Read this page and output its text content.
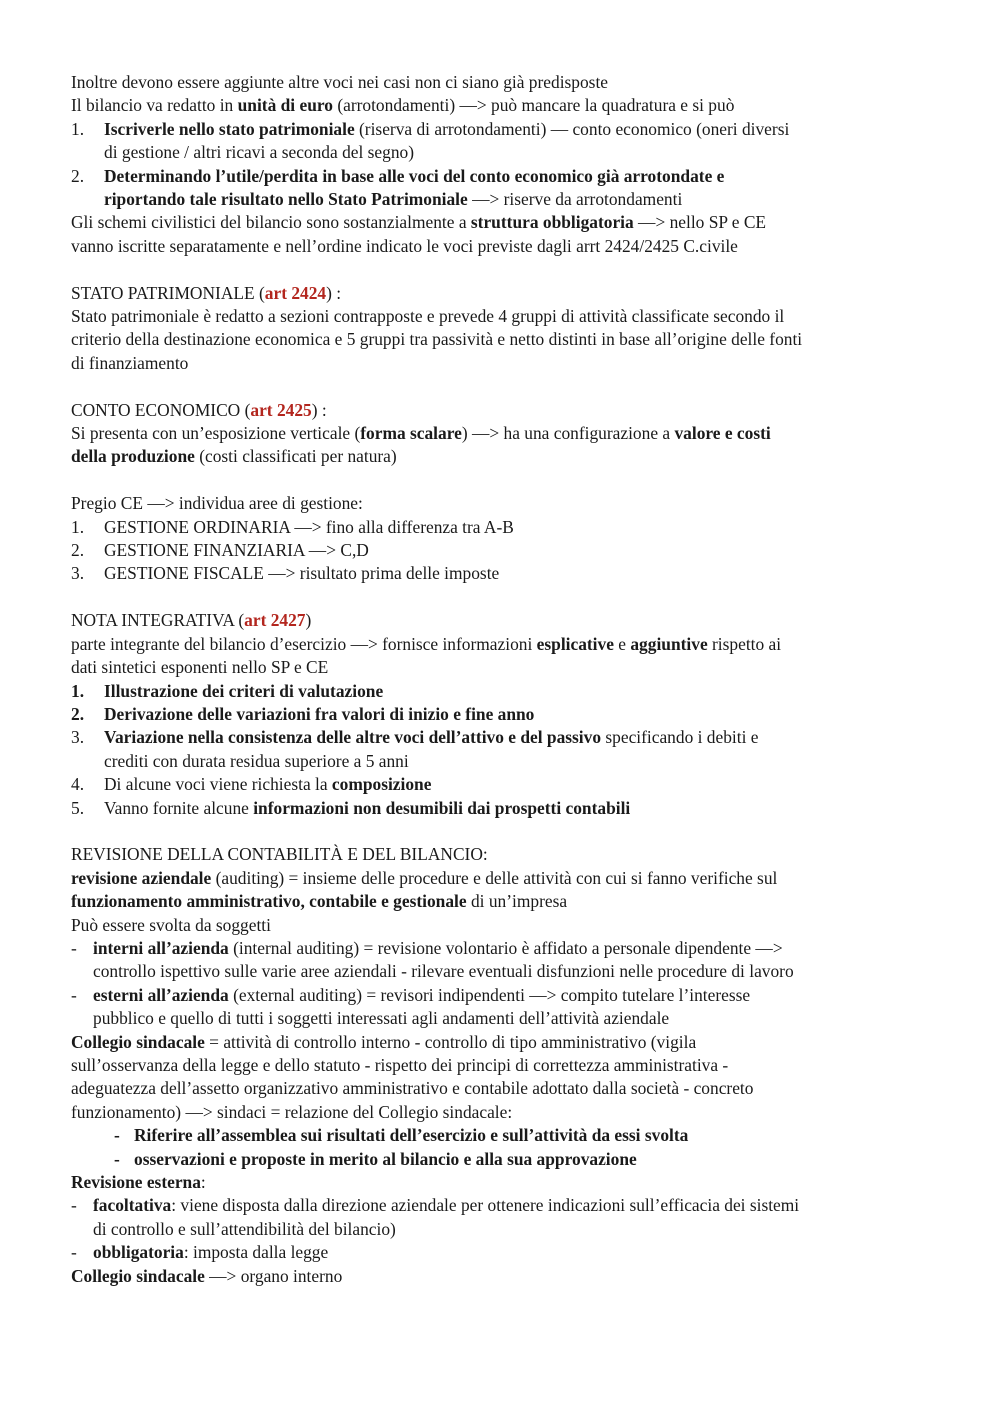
Inoltre devono essere aggiunte altre voci nei casi non ci siano già predisposte

Il bilancio va redatto in unità di euro (arrotondamenti) —> può mancare la quadratura e si può

1.	Iscriverle nello stato patrimoniale (riserva di arrotondamenti) — conto economico (oneri diversi
di gestione / altri ricavi a seconda del segno)
2.	Determinando l’utile/perdita in base alle voci del conto economico già arrotondate e
riportando tale risultato nello Stato Patrimoniale —> riserve da arrotondamenti

Gli schemi civilistici del bilancio sono sostanzialmente a struttura obbligatoria —> nello SP e CE

vanno iscritte separatamente e nell’ordine indicato le voci previste dagli arrt 2424/2425 C.civile

STATO PATRIMONIALE (art 2424) :

Stato patrimoniale è redatto a sezioni contrapposte e prevede 4 gruppi di attività classificate secondo il

criterio della destinazione economica e 5 gruppi tra passività e netto distinti in base all’origine delle fonti

di finanziamento

CONTO ECONOMICO (art 2425) :

Si presenta con un’esposizione verticale (forma scalare) —> ha una configurazione a valore e costi

della produzione (costi classificati per natura)

Pregio CE —> individua aree di gestione:

1.	GESTIONE ORDINARIA —> fino alla differenza tra A-B
2.	GESTIONE FINANZIARIA —> C,D
3.	GESTIONE FISCALE —> risultato prima delle imposte

NOTA INTEGRATIVA (art 2427)

parte integrante del bilancio d’esercizio —> fornisce informazioni esplicative e aggiuntive rispetto ai

dati sintetici esponenti nello SP e CE

1.	Illustrazione dei criteri di valutazione
2.	Derivazione delle variazioni fra valori di inizio e fine anno
3.	Variazione nella consistenza delle altre voci dell’attivo e del passivo specificando i debiti e
crediti con durata residua superiore a 5 anni
4.	Di alcune voci viene richiesta la composizione
5.	Vanno fornite alcune informazioni non desumibili dai prospetti contabili

REVISIONE DELLA CONTABILITÀ E DEL BILANCIO:

revisione aziendale (auditing) = insieme delle procedure e delle attività con cui si fanno verifiche sul

funzionamento amministrativo, contabile e gestionale di un’impresa

Può essere svolta da soggetti

- interni all’azienda (internal auditing) = revisione volontario è affidato a personale dipendente —>
controllo ispettivo sulle varie aree aziendali - rilevare eventuali disfunzioni nelle procedure di lavoro
- esterni all’azienda (external auditing) = revisori indipendenti —> compito tutelare l’interesse
pubblico e quello di tutti i soggetti interessati agli andamenti dell’attività aziendale

Collegio sindacale = attività di controllo interno - controllo di tipo amministrativo (vigila

sull’osservanza della legge e dello statuto - rispetto dei principi di correttezza amministrativa -

adeguatezza dell’assetto organizzativo amministrativo e contabile adottato dalla società - concreto

funzionamento) —> sindaci = relazione del Collegio sindacale:

- Riferire all’assemblea sui risultati dell’esercizio e sull’attività da essi svolta
- osservazioni e proposte in merito al bilancio e alla sua approvazione

Revisione esterna:

- facoltativa: viene disposta dalla direzione aziendale per ottenere indicazioni sull’efficacia dei sistemi
di controllo e sull’attendibilità del bilancio)
- obbligatoria: imposta dalla legge

Collegio sindacale —> organo interno
